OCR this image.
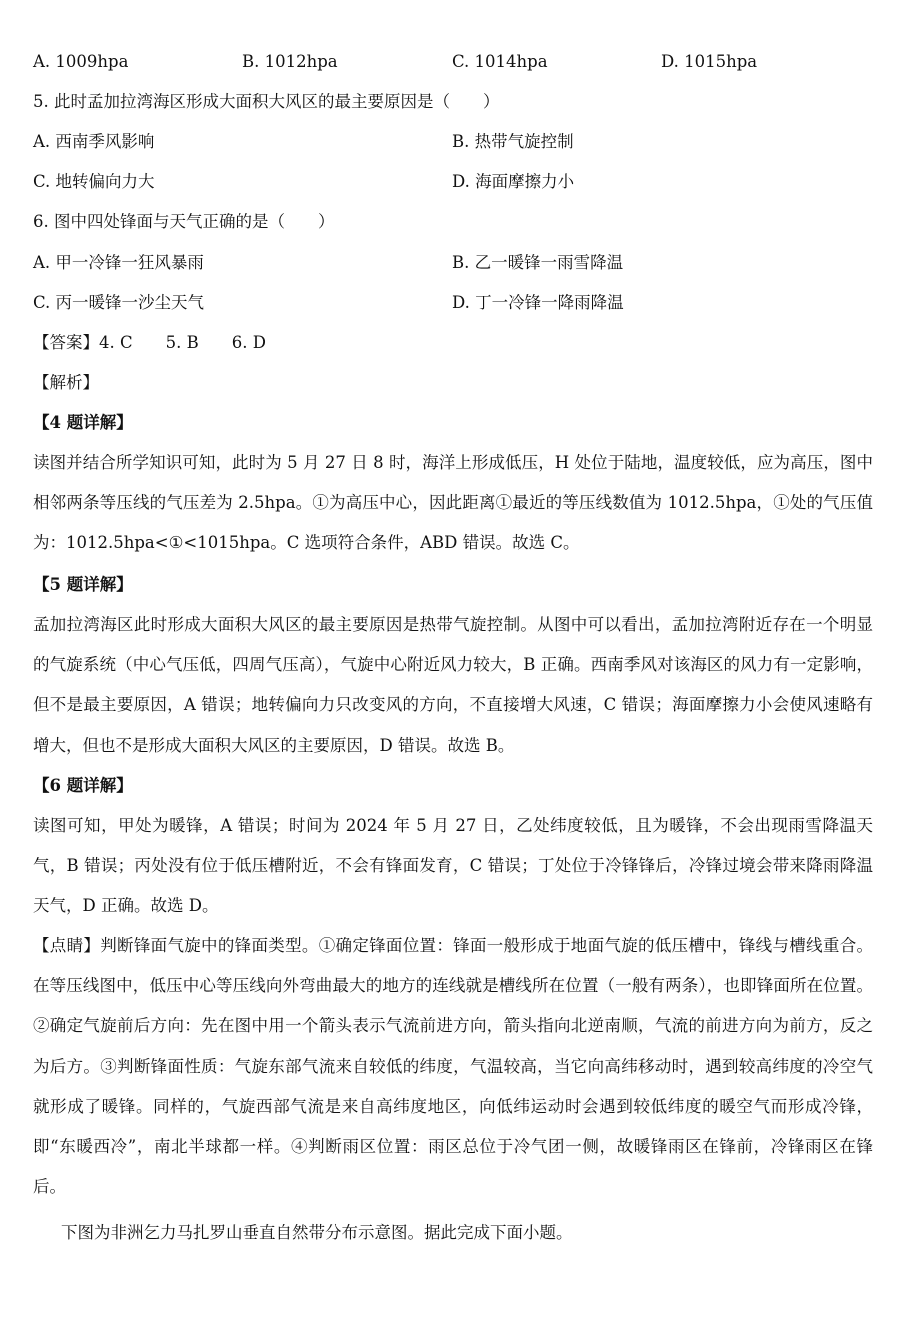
A. 1009hpa	B. 1012hpa	C. 1014hpa	D. 1015hpa
5. 此时孟加拉湾海区形成大面积大风区的最主要原因是（　　）
A. 西南季风影响	B. 热带气旋控制
C. 地转偏向力大	D. 海面摩擦力小
6. 图中四处锋面与天气正确的是（　　）
A. 甲一冷锋一狂风暴雨	B. 乙一暖锋一雨雪降温
C. 丙一暖锋一沙尘天气	D. 丁一冷锋一降雨降温
【答案】4. C　　5. B　　6. D
【解析】
【4 题详解】
读图并结合所学知识可知，此时为 5 月 27 日 8 时，海洋上形成低压，H 处位于陆地，温度较低，应为高压，图中相邻两条等压线的气压差为 2.5hpa。①为高压中心，因此距离①最近的等压线数值为 1012.5hpa，①处的气压值为：1012.5hpa<①<1015hpa。C 选项符合条件，ABD 错误。故选 C。
【5 题详解】
孟加拉湾海区此时形成大面积大风区的最主要原因是热带气旋控制。从图中可以看出，孟加拉湾附近存在一个明显的气旋系统（中心气压低，四周气压高），气旋中心附近风力较大，B 正确。西南季风对该海区的风力有一定影响，但不是最主要原因，A 错误；地转偏向力只改变风的方向，不直接增大风速，C 错误；海面摩擦力小会使风速略有增大，但也不是形成大面积大风区的主要原因，D 错误。故选 B。
【6 题详解】
读图可知，甲处为暖锋，A 错误；时间为 2024 年 5 月 27 日，乙处纬度较低，且为暖锋，不会出现雨雪降温天气，B 错误；丙处没有位于低压槽附近，不会有锋面发育，C 错误；丁处位于冷锋锋后，冷锋过境会带来降雨降温天气，D 正确。故选 D。
【点睛】判断锋面气旋中的锋面类型。①确定锋面位置：锋面一般形成于地面气旋的低压槽中，锋线与槽线重合。在等压线图中，低压中心等压线向外弯曲最大的地方的连线就是槽线所在位置（一般有两条），也即锋面所在位置。②确定气旋前后方向：先在图中用一个箭头表示气流前进方向，箭头指向北逆南顺，气流的前进方向为前方，反之为后方。③判断锋面性质：气旋东部气流来自较低的纬度，气温较高，当它向高纬移动时，遇到较高纬度的冷空气就形成了暖锋。同样的，气旋西部气流是来自高纬度地区，向低纬运动时会遇到较低纬度的暖空气而形成冷锋，即“东暖西冷”，南北半球都一样。④判断雨区位置：雨区总位于冷气团一侧，故暖锋雨区在锋前，冷锋雨区在锋后。
下图为非洲乞力马扎罗山垂直自然带分布示意图。据此完成下面小题。
